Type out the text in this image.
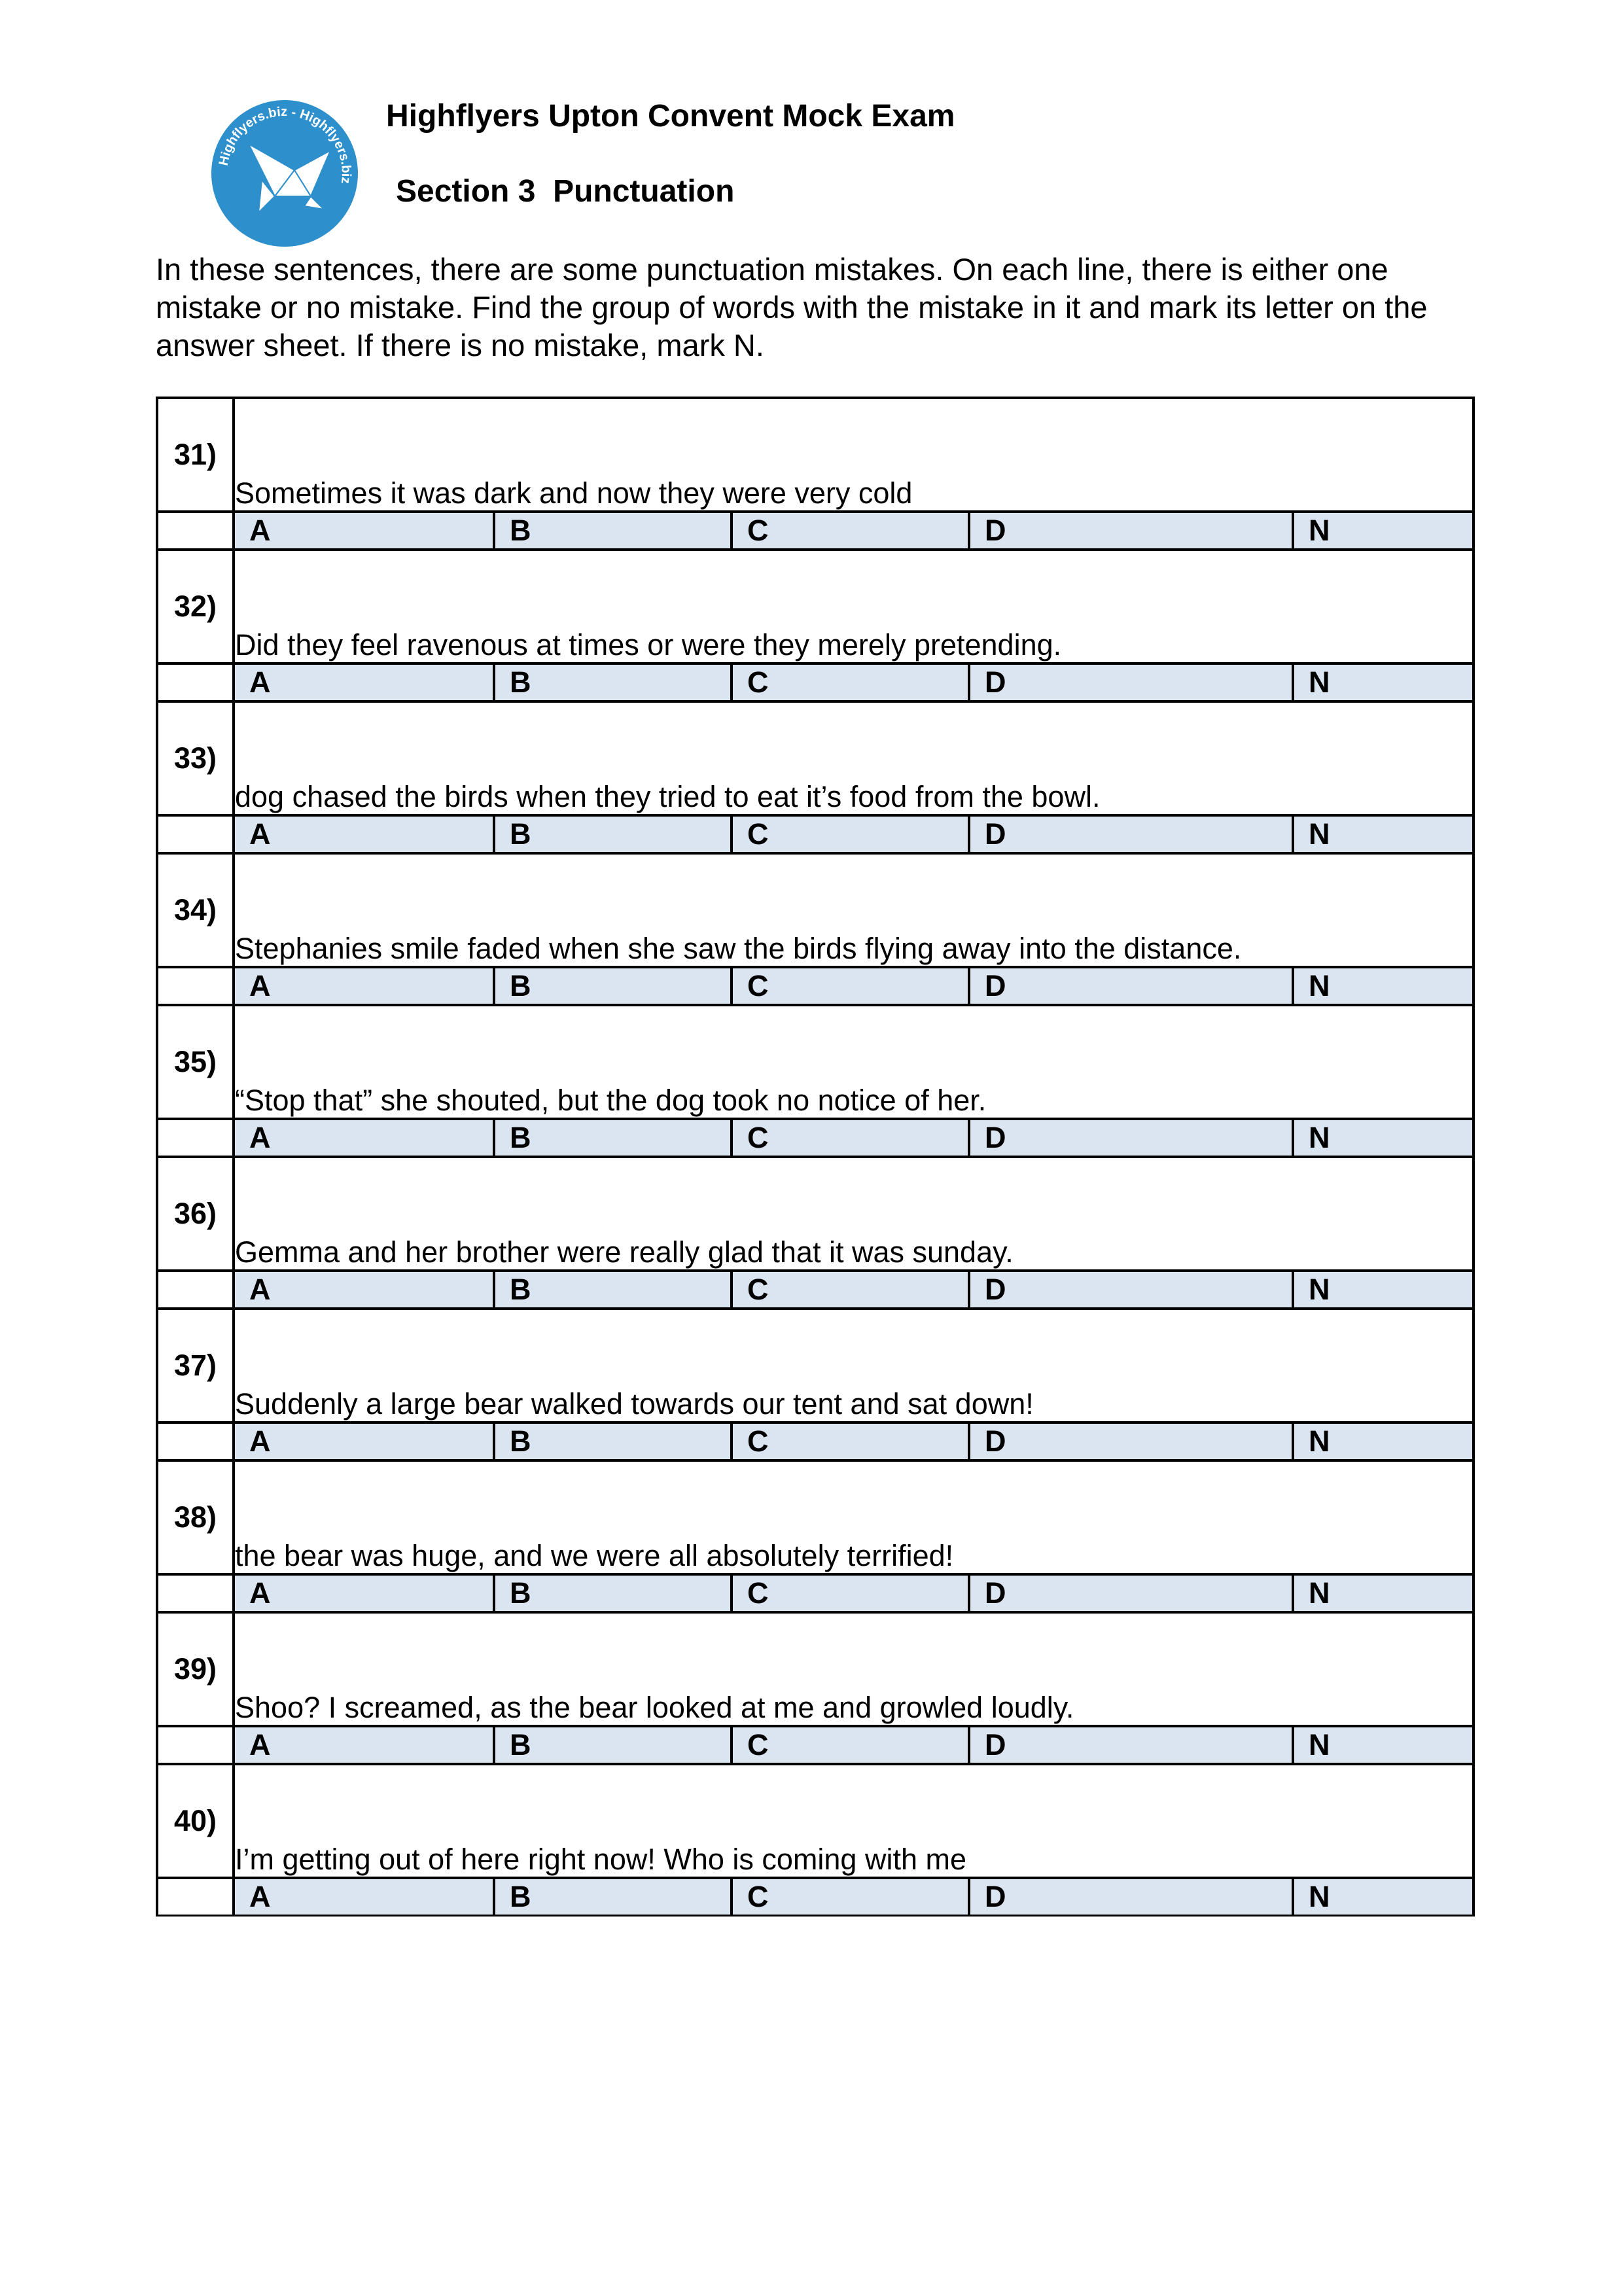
Highflyers.biz - Highflyers.biz
Highflyers Upton Convent Mock Exam
Section 3  Punctuation
In these sentences, there are some punctuation mistakes. On each line, there is either one mistake or no mistake. Find the group of words with the mistake in it and mark its letter on the answer sheet. If there is no mistake, mark N.
31)	Sometimes it was dark and now they were very cold				
	A	B	C	D	N
32)	Did they feel ravenous at times or were they merely pretending.				
	A	B	C	D	N
33)	dog chased the birds when they tried to eat it’s food from the bowl.				
	A	B	C	D	N
34)	Stephanies smile faded when she saw the birds flying away into the distance.				
	A	B	C	D	N
35)	“Stop that” she shouted, but the dog took no notice of her.				
	A	B	C	D	N
36)	Gemma and her brother were really glad that it was sunday.				
	A	B	C	D	N
37)	Suddenly a large bear walked towards our tent and sat down!				
	A	B	C	D	N
38)	the bear was huge, and we were all absolutely terrified!				
	A	B	C	D	N
39)	Shoo? I screamed, as the bear looked at me and growled loudly.				
	A	B	C	D	N
40)	I’m getting out of here right now! Who is coming with me				
	A	B	C	D	N
